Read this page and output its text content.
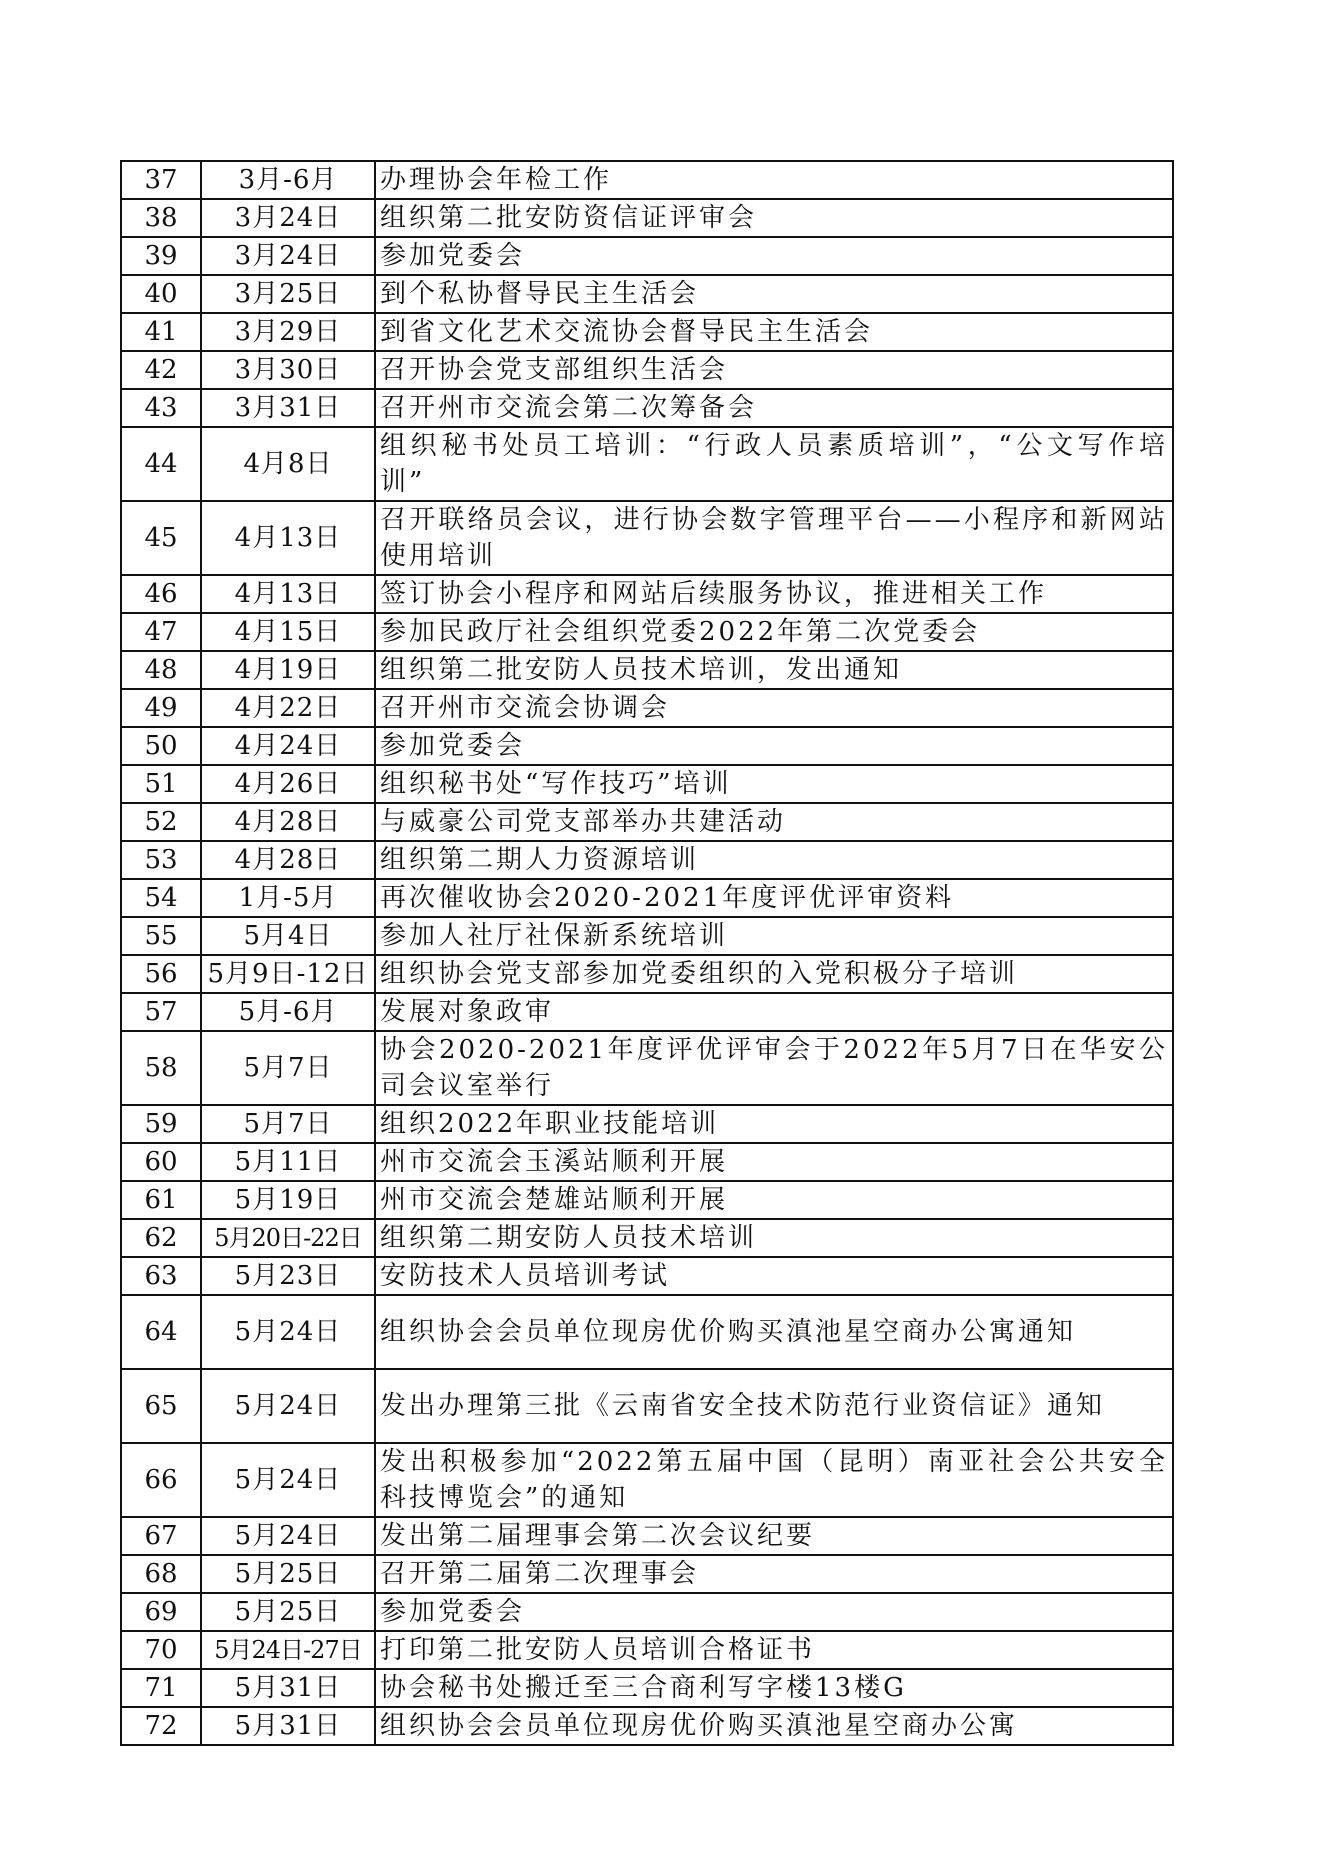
37	3月-6月	办理协会年检工作
38	3月24日	组织第二批安防资信证评审会
39	3月24日	参加党委会
40	3月25日	到个私协督导民主生活会
41	3月29日	到省文化艺术交流协会督导民主生活会
42	3月30日	召开协会党支部组织生活会
43	3月31日	召开州市交流会第二次筹备会
44	4月8日	组织秘书处员工培训：“行政人员素质培训”，“公文写作培训”
45	4月13日	召开联络员会议，进行协会数字管理平台——小程序和新网站使用培训
46	4月13日	签订协会小程序和网站后续服务协议，推进相关工作
47	4月15日	参加民政厅社会组织党委2022年第二次党委会
48	4月19日	组织第二批安防人员技术培训，发出通知
49	4月22日	召开州市交流会协调会
50	4月24日	参加党委会
51	4月26日	组织秘书处“写作技巧”培训
52	4月28日	与威豪公司党支部举办共建活动
53	4月28日	组织第二期人力资源培训
54	1月-5月	再次催收协会2020-2021年度评优评审资料
55	5月4日	参加人社厅社保新系统培训
56	5月9日-12日	组织协会党支部参加党委组织的入党积极分子培训
57	5月-6月	发展对象政审
58	5月7日	协会2020-2021年度评优评审会于2022年5月7日在华安公司会议室举行
59	5月7日	组织2022年职业技能培训
60	5月11日	州市交流会玉溪站顺利开展
61	5月19日	州市交流会楚雄站顺利开展
62	5月20日-22日	组织第二期安防人员技术培训
63	5月23日	安防技术人员培训考试
64	5月24日	组织协会会员单位现房优价购买滇池星空商办公寓通知
65	5月24日	发出办理第三批《云南省安全技术防范行业资信证》通知
66	5月24日	发出积极参加“2022第五届中国（昆明）南亚社会公共安全科技博览会”的通知
67	5月24日	发出第二届理事会第二次会议纪要
68	5月25日	召开第二届第二次理事会
69	5月25日	参加党委会
70	5月24日-27日	打印第二批安防人员培训合格证书
71	5月31日	协会秘书处搬迁至三合商利写字楼13楼G
72	5月31日	组织协会会员单位现房优价购买滇池星空商办公寓
